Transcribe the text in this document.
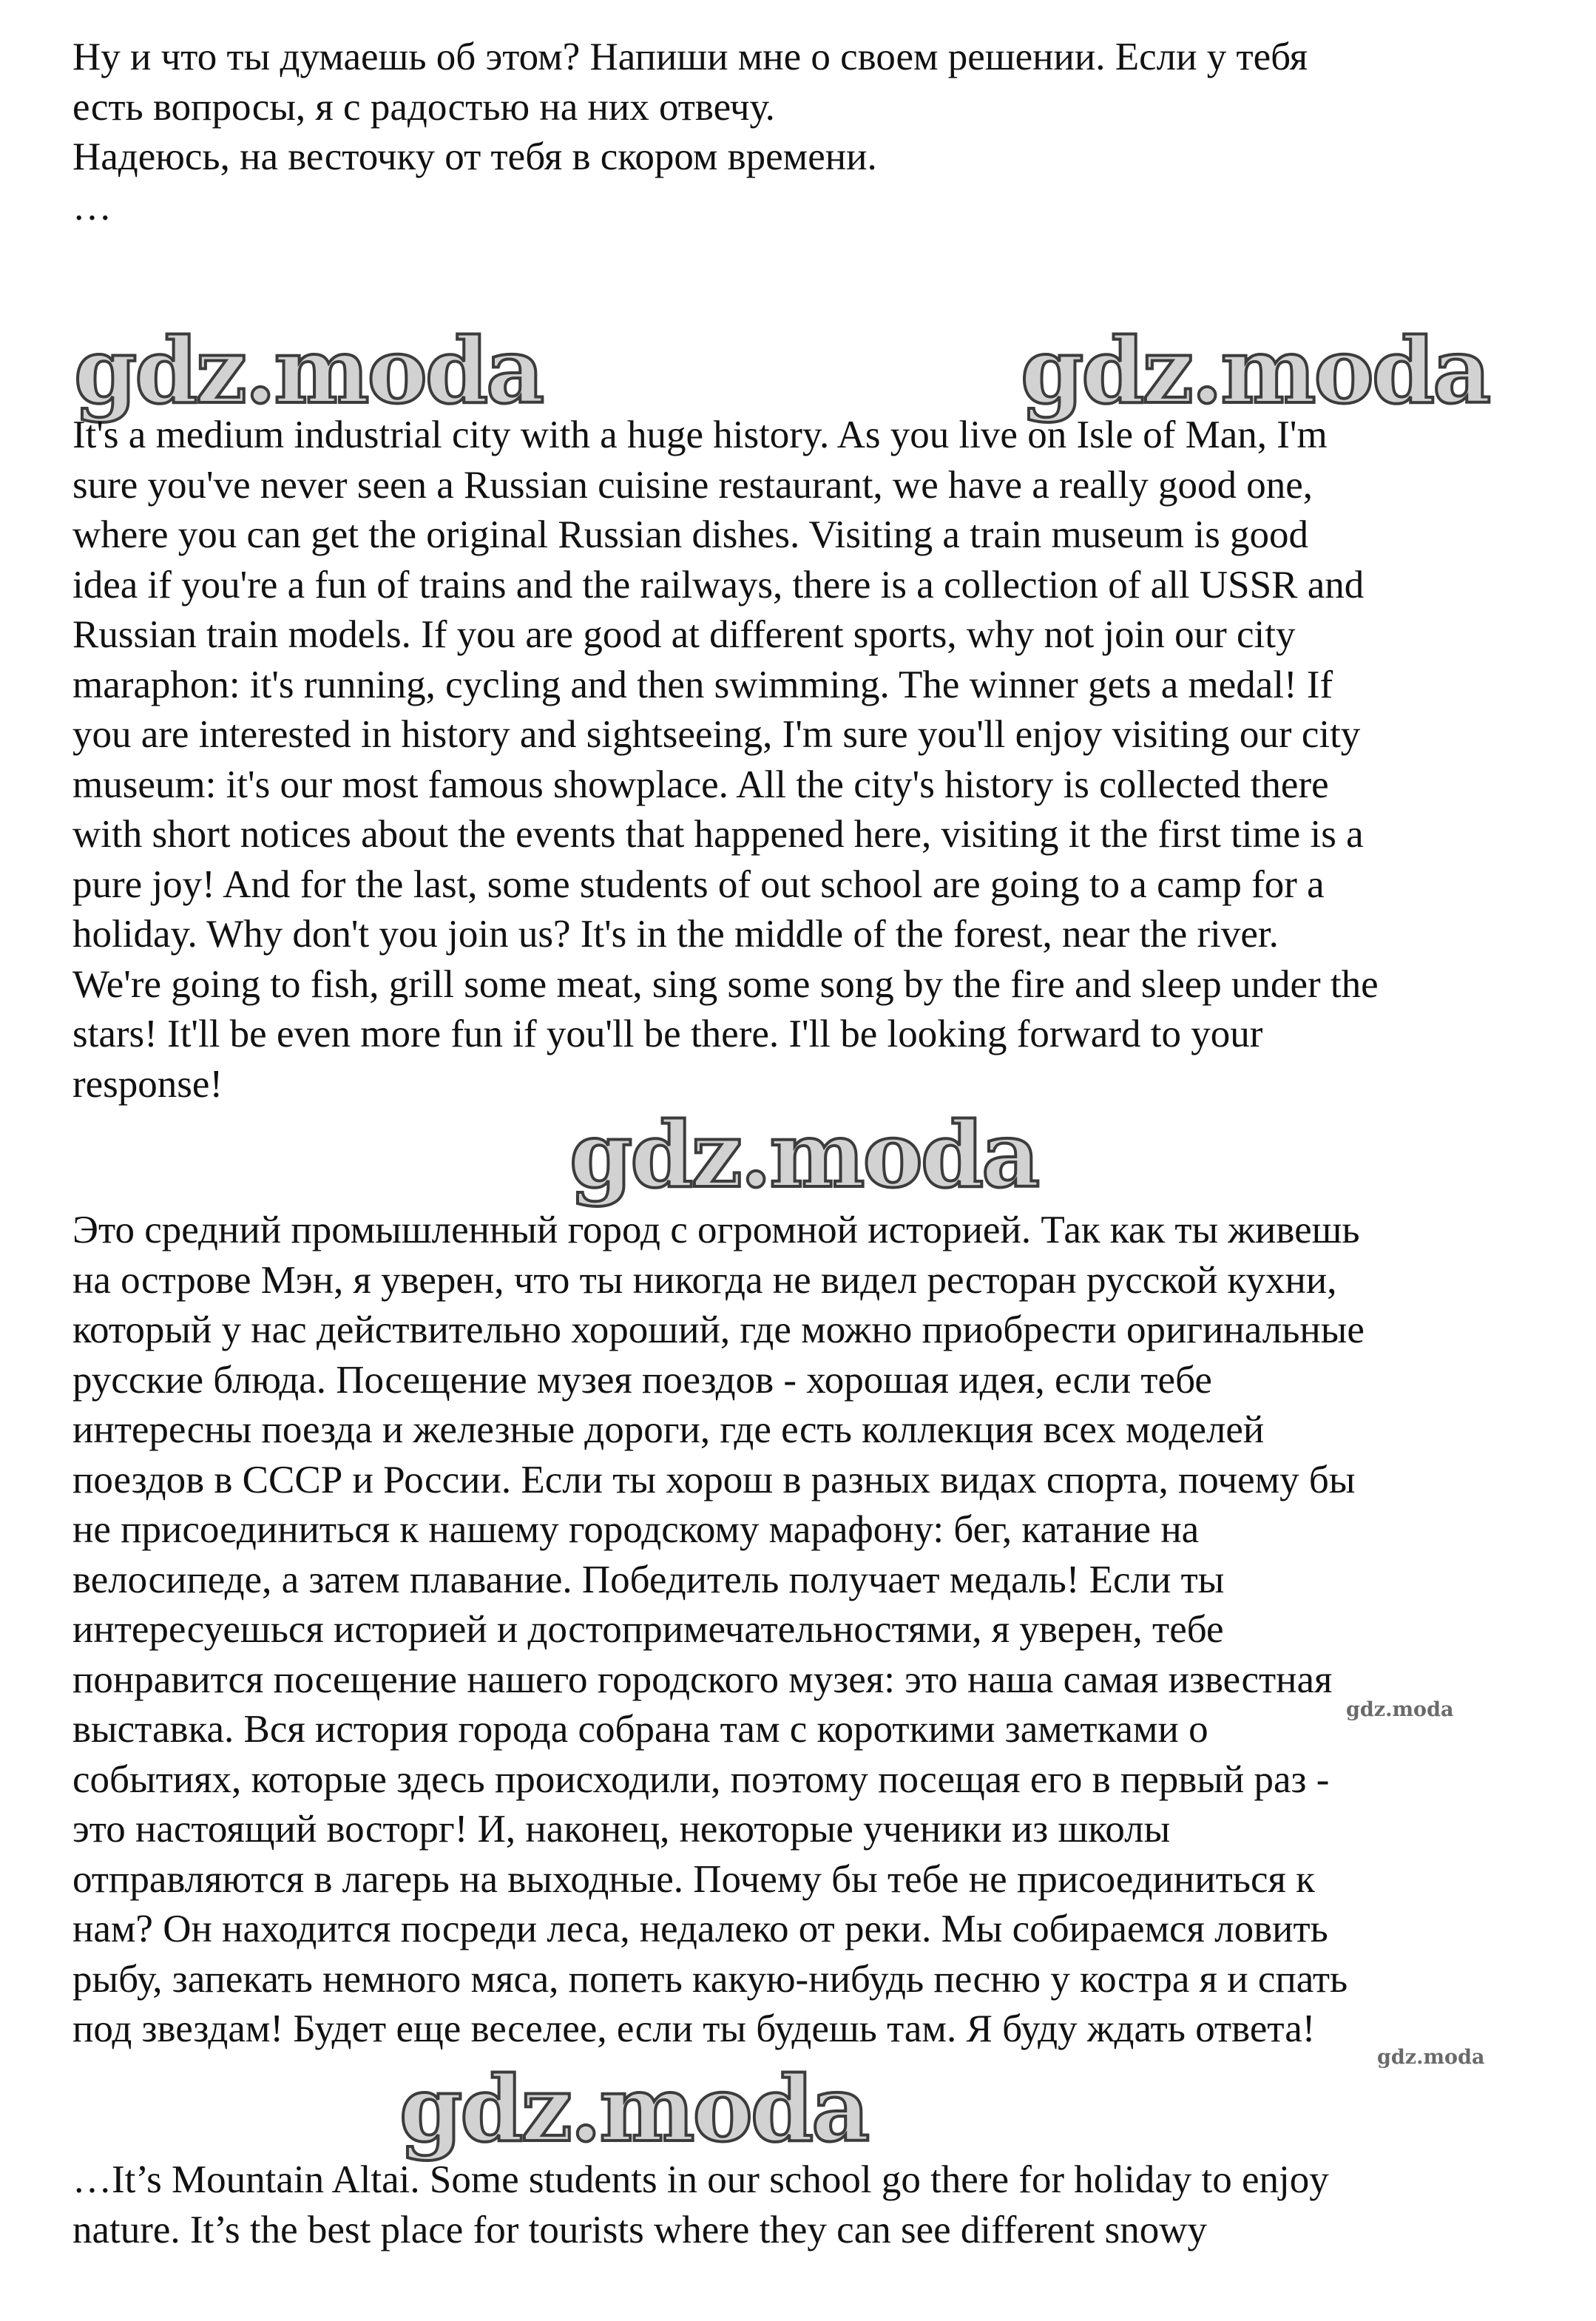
Ну и что ты думаешь об этом? Напиши мне о своем решении. Если у тебя
есть вопросы, я с радостью на них отвечу.
Надеюсь, на весточку от тебя в скором времени.
…
gdz.moda	gdz.moda
It's a medium industrial city with a huge history. As you live on Isle of Man, I'm
sure you've never seen a Russian cuisine restaurant, we have a really good one,
where you can get the original Russian dishes. Visiting a train museum is good
idea if you're a fun of trains and the railways, there is a collection of all USSR and
Russian train models. If you are good at different sports, why not join our city
maraphon: it's running, cycling and then swimming. The winner gets a medal! If
you are interested in history and sightseeing, I'm sure you'll enjoy visiting our city
museum: it's our most famous showplace. All the city's history is collected there
with short notices about the events that happened here, visiting it the first time is a
pure joy! And for the last, some students of out school are going to a camp for a
holiday. Why don't you join us? It's in the middle of the forest, near the river.
We're going to fish, grill some meat, sing some song by the fire and sleep under the
stars! It'll be even more fun if you'll be there. I'll be looking forward to your
response!
gdz.moda
Это средний промышленный город с огромной историей. Так как ты живешь
на острове Мэн, я уверен, что ты никогда не видел ресторан русской кухни,
который у нас действительно хороший, где можно приобрести оригинальные
русские блюда. Посещение музея поездов - хорошая идея, если тебе
интересны поезда и железные дороги, где есть коллекция всех моделей
поездов в СССР и России. Если ты хорош в разных видах спорта, почему бы
не присоединиться к нашему городскому марафону: бег, катание на
велосипеде, а затем плавание. Победитель получает медаль! Если ты
интересуешься историей и достопримечательностями, я уверен, тебе
понравится посещение нашего городского музея: это наша самая известная
выставка. Вся история города собрана там с короткими заметками о
событиях, которые здесь происходили, поэтому посещая его в первый раз -
это настоящий восторг! И, наконец, некоторые ученики из школы
отправляются в лагерь на выходные. Почему бы тебе не присоединиться к
нам? Он находится посреди леса, недалеко от реки. Мы собираемся ловить
рыбу, запекать немного мяса, попеть какую-нибудь песню у костра я и спать
под звездам! Будет еще веселее, если ты будешь там. Я буду ждать ответа!
gdz.moda
gdz.moda
gdz.moda
…It’s Mountain Altai. Some students in our school go there for holiday to enjoy
nature. It’s the best place for tourists where they can see different snowy
